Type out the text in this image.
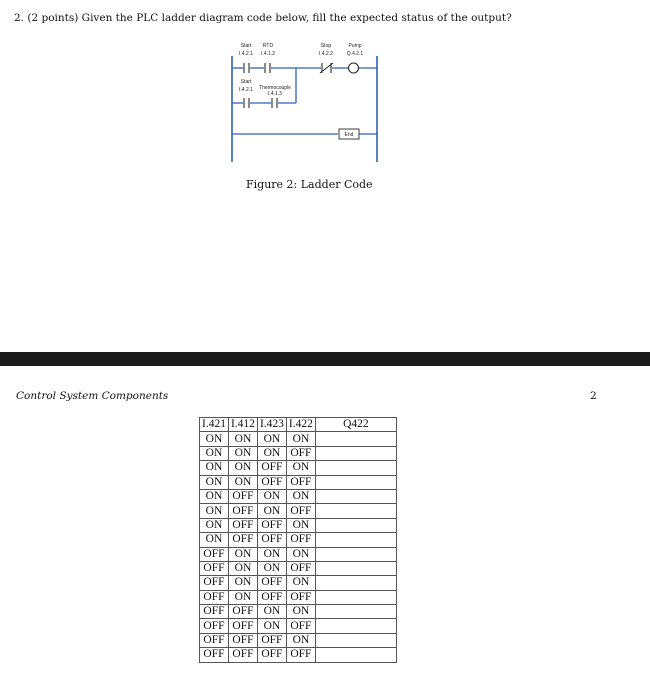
2. (2 points) Given the PLC ladder diagram code below, fill the expected status of the output?
Start
I.4.2.1
RTD
I.4.1.2
Stop
I.4.2.2
Pump
Q.4.2.1
Start
I.4.2.1 Thermocouple
I.4.1.3
End
Figure 2: Ladder Code
Control System Components	2
I.421	I.412	I.423	I.422	Q422
ON	ON	ON	ON	
ON	ON	ON	OFF	
ON	ON	OFF	ON	
ON	ON	OFF	OFF	
ON	OFF	ON	ON	
ON	OFF	ON	OFF	
ON	OFF	OFF	ON	
ON	OFF	OFF	OFF	
OFF	ON	ON	ON	
OFF	ON	ON	OFF	
OFF	ON	OFF	ON	
OFF	ON	OFF	OFF	
OFF	OFF	ON	ON	
OFF	OFF	ON	OFF	
OFF	OFF	OFF	ON	
OFF	OFF	OFF	OFF	
